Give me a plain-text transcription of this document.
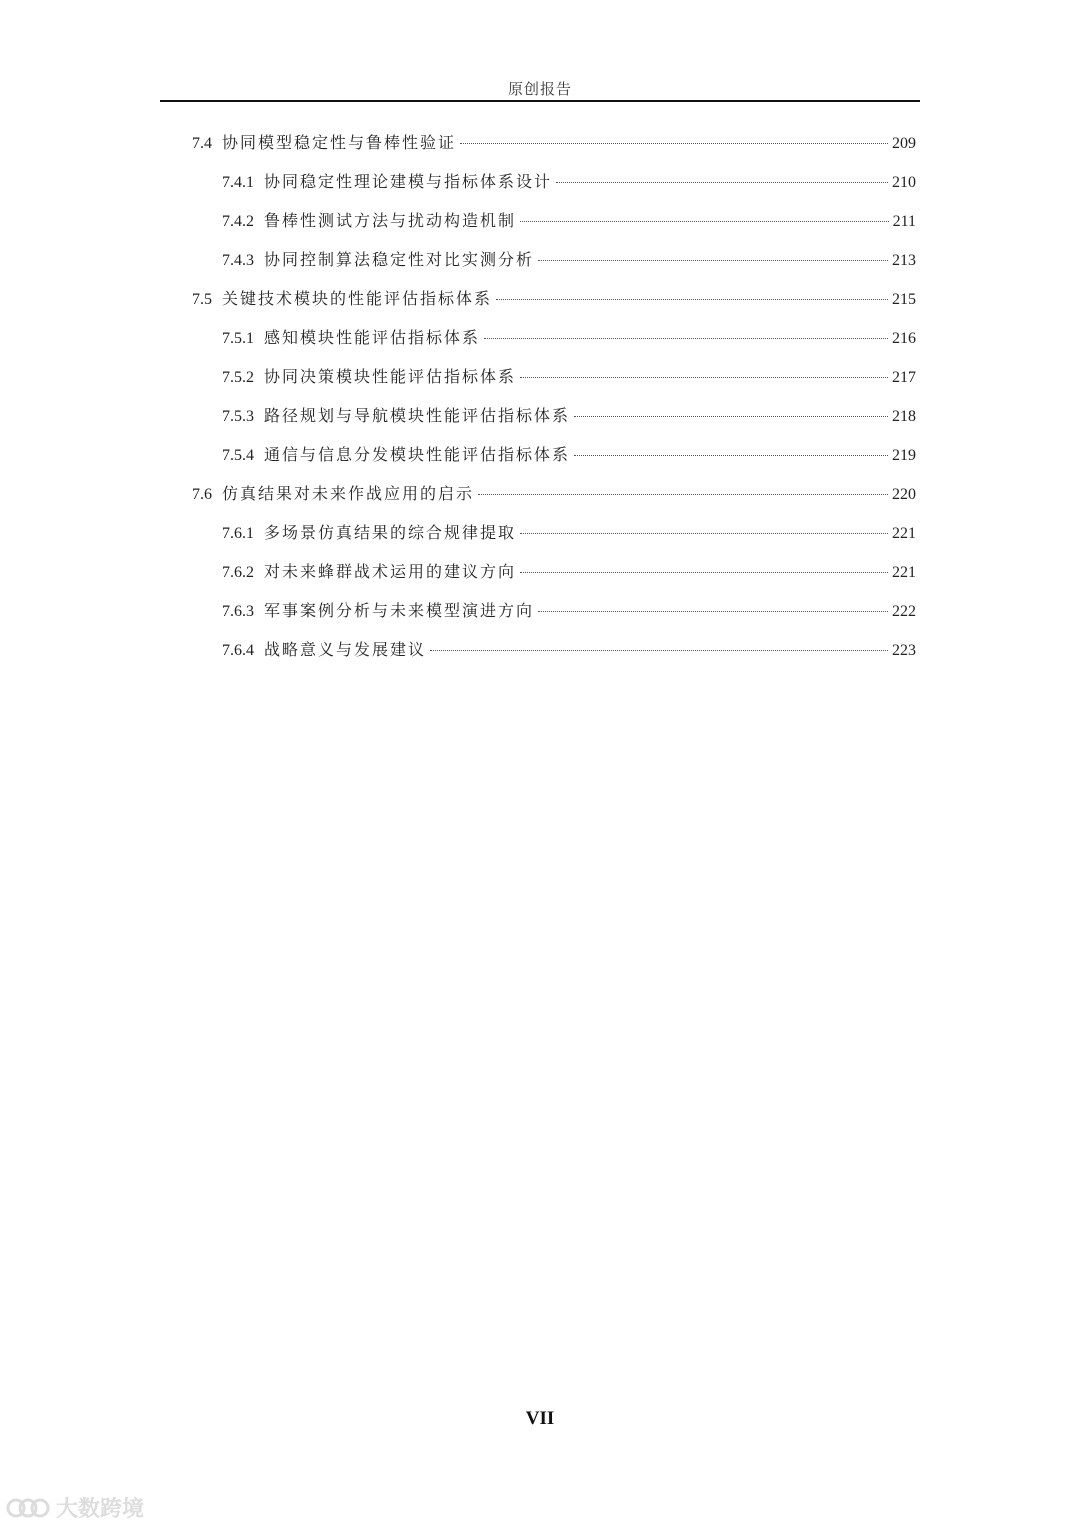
原创报告
7.4 协同模型稳定性与鲁棒性验证	209
7.4.1 协同稳定性理论建模与指标体系设计	210
7.4.2 鲁棒性测试方法与扰动构造机制	211
7.4.3 协同控制算法稳定性对比实测分析	213
7.5 关键技术模块的性能评估指标体系	215
7.5.1 感知模块性能评估指标体系	216
7.5.2 协同决策模块性能评估指标体系	217
7.5.3 路径规划与导航模块性能评估指标体系	218
7.5.4 通信与信息分发模块性能评估指标体系	219
7.6 仿真结果对未来作战应用的启示	220
7.6.1 多场景仿真结果的综合规律提取	221
7.6.2 对未来蜂群战术运用的建议方向	221
7.6.3 军事案例分析与未来模型演进方向	222
7.6.4 战略意义与发展建议	223
VII
大数跨境
